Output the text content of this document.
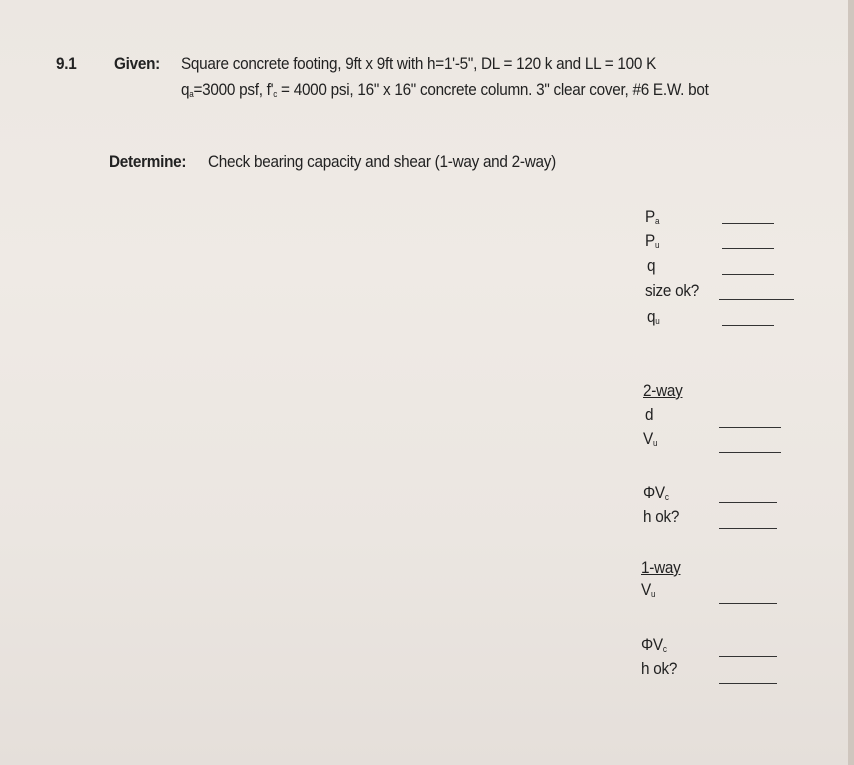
9.1 Given: Square concrete footing, 9ft x 9ft with h=1'-5", DL = 120 k and LL = 100 K
$q_a=3000$ psf, $f'_c = 4000$ psi, 16" x 16" concrete column. 3" clear cover, #6 E.W. bot
Determine: Check bearing capacity and shear (1-way and 2-way)
$P_a$
$P_u$
q
size ok?
$q_u$
2-way
d
$V_u$
$\Phi V_c$
h ok?
1-way
$V_u$
$\Phi V_c$
h ok?
